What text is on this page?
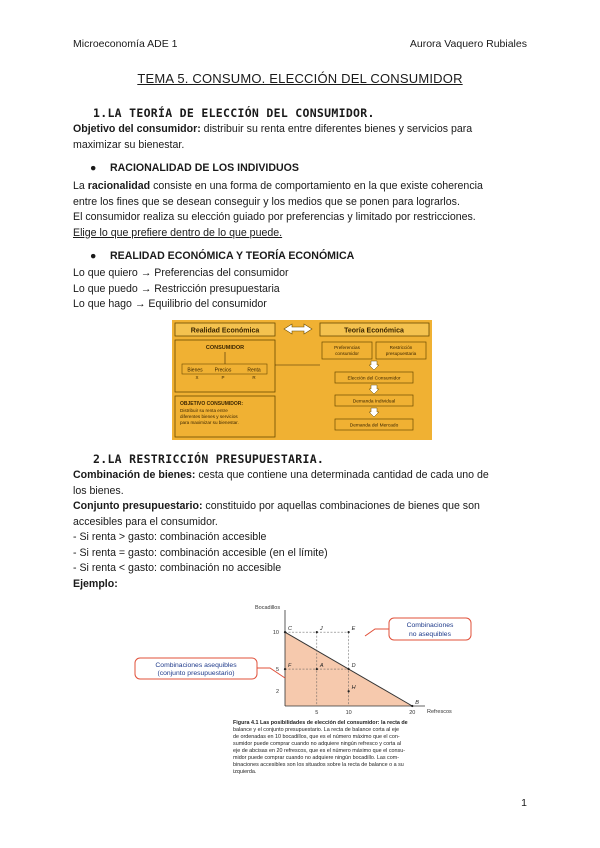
Microeconomía ADE 1	Aurora Vaquero Rubiales
TEMA 5. CONSUMO. ELECCIÓN DEL CONSUMIDOR
1.LA TEORÍA DE ELECCIÓN DEL CONSUMIDOR.
Objetivo del consumidor: distribuir su renta entre diferentes bienes y servicios para
maximizar su bienestar.
● RACIONALIDAD DE LOS INDIVIDUOS
La racionalidad consiste en una forma de comportamiento en la que existe coherencia
entre los fines que se desean conseguir y los medios que se ponen para lograrlos.
El consumidor realiza su elección guiado por preferencias y limitado por restricciones.
Elige lo que prefiere dentro de lo que puede.
● REALIDAD ECONÓMICA Y TEORÍA ECONÓMICA
Lo que quiero → Preferencias del consumidor
Lo que puedo → Restricción presupuestaria
Lo que hago → Equilibrio del consumidor
Realidad Económica
CONSUMIDOR
Bienes Precios	Renta
X	P	R
OBJETIVO CONSUMIDOR:
Distribuir su renta entre
diferentes bienes y servicios
para maximizar su bienestar.
Teoría Económica
Preferencias
consumidor
Restricción
presupuestaria
Elección del Consumidor
Demanda Individual
Demanda del Mercado
2.LA RESTRICCIÓN PRESUPUESTARIA.
Combinación de bienes: cesta que contiene una determinada cantidad de cada uno de
los bienes.
Conjunto presupuestario: constituido por aquellas combinaciones de bienes que son
accesibles para el consumidor.
- Si renta > gasto: combinación accesible
- Si renta = gasto: combinación accesible (en el límite)
- Si renta < gasto: combinación no accesible
Ejemplo:
Bocadillos
Refrescos
2
5
10
5	10	20
C	J	E
A	D
H
F
B
Combinaciones asequibles
(conjunto presupuestario)
Combinaciones
no asequibles
Figura 4.1 Las posibilidades de elección del consumidor: la recta de
balance y el conjunto presupuestario. La recta de balance corta al eje
de ordenadas en 10 bocadillos, que es el número máximo que el con-
sumidor puede comprar cuando no adquiere ningún refresco y corta al
eje de abcisas en 20 refrescos, que es el número máximo que el consu-
midor puede comprar cuando no adquiere ningún bocadillo. Las com-
binaciones accesibles son los situados sobre la recta de balance o a su
izquierda.
1
